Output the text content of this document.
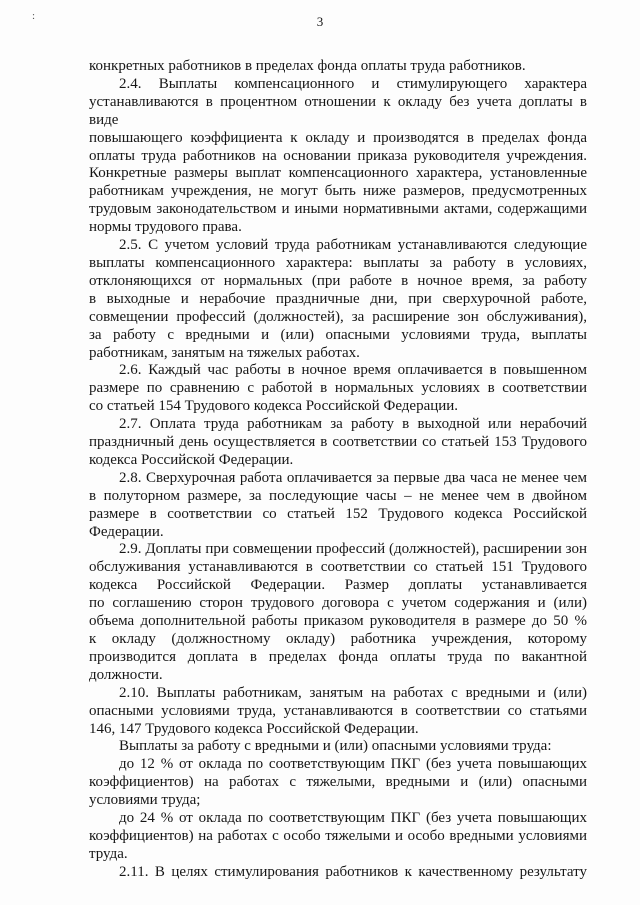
:	3

конкретных работников в пределах фонда оплаты труда работников.

2.4. Выплаты компенсационного и стимулирующего характера

устанавливаются в процентном отношении к окладу без учета доплаты в виде

повышающего коэффициента к окладу и производятся в пределах фонда

оплаты труда работников на основании приказа руководителя учреждения.

Конкретные размеры выплат компенсационного характера, установленные

работникам учреждения, не могут быть ниже размеров, предусмотренных

трудовым законодательством и иными нормативными актами, содержащими

нормы трудового права.

2.5. С учетом условий труда работникам устанавливаются следующие

выплаты компенсационного характера: выплаты за работу в условиях,

отклоняющихся от нормальных (при работе в ночное время, за работу

в выходные и нерабочие праздничные дни, при сверхурочной работе,

совмещении профессий (должностей), за расширение зон обслуживания),

за работу с вредными и (или) опасными условиями труда, выплаты

работникам, занятым на тяжелых работах.

2.6. Каждый час работы в ночное время оплачивается в повышенном

размере по сравнению с работой в нормальных условиях в соответствии

со статьей 154 Трудового кодекса Российской Федерации.

2.7. Оплата труда работникам за работу в выходной или нерабочий

праздничный день осуществляется в соответствии со статьей 153 Трудового

кодекса Российской Федерации.

2.8. Сверхурочная работа оплачивается за первые два часа не менее чем

в полуторном размере, за последующие часы – не менее чем в двойном

размере в соответствии со статьей 152 Трудового кодекса Российской

Федерации.

2.9. Доплаты при совмещении профессий (должностей), расширении зон

обслуживания устанавливаются в соответствии со статьей 151 Трудового

кодекса Российской Федерации. Размер доплаты устанавливается

по соглашению сторон трудового договора с учетом содержания и (или)

объема дополнительной работы приказом руководителя в размере до 50 %

к окладу (должностному окладу) работника учреждения, которому

производится доплата в пределах фонда оплаты труда по вакантной

должности.

2.10. Выплаты работникам, занятым на работах с вредными и (или)

опасными условиями труда, устанавливаются в соответствии со статьями

146, 147 Трудового кодекса Российской Федерации.

Выплаты за работу с вредными и (или) опасными условиями труда:

до 12 % от оклада по соответствующим ПКГ (без учета повышающих

коэффициентов) на работах с тяжелыми, вредными и (или) опасными

условиями труда;

до 24 % от оклада по соответствующим ПКГ (без учета повышающих

коэффициентов) на работах с особо тяжелыми и особо вредными условиями

труда.

2.11. В целях стимулирования работников к качественному результату
